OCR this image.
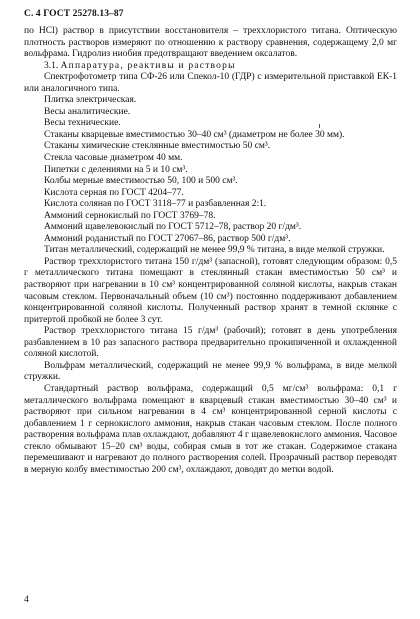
С. 4 ГОСТ 25278.13–87

по HCl) раствор в присутствии восстановителя – треххлористого титана. Оптическую плотность растворов измеряют по отношению к раствору сравнения, содержащему 2,0 мг вольфрама. Гидролиз ниобия предотвращают введением оксалатов.

3.1. Аппаратура, реактивы и растворы

Спектрофотометр типа СФ-26 или Спекол-10 (ГДР) с измерительной приставкой ЕК-1 или аналогичного типа.

Плитка электрическая.

Весы аналитические.

Весы технические.

Стаканы кварцевые вместимостью 30–40 см³ (диаметром не более 30 мм).

Стаканы химические стеклянные вместимостью 50 см³.

Стекла часовые диаметром 40 мм.

Пипетки с делениями на 5 и 10 см³.

Колбы мерные вместимостью 50, 100 и 500 см³.

Кислота серная по ГОСТ 4204–77.

Кислота соляная по ГОСТ 3118–77 и разбавленная 2:1.

Аммоний сернокислый по ГОСТ 3769–78.

Аммоний щавелевокислый по ГОСТ 5712–78, раствор 20 г/дм³.

Аммоний роданистый по ГОСТ 27067–86, раствор 500 г/дм³.

Титан металлический, содержащий не менее 99,9 % титана, в виде мелкой стружки.

Раствор треххлористого титана 150 г/дм³ (запасной), готовят следующим образом: 0,5 г металлического титана помещают в стеклянный стакан вместимостью 50 см³ и растворяют при нагревании в 10 см³ концентрированной соляной кислоты, накрыв стакан часовым стеклом. Первоначальный объем (10 см³) постоянно поддерживают добавлением концентрированной соляной кислоты. Полученный раствор хранят в темной склянке с притертой пробкой не более 3 сут.

Раствор треххлористого титана 15 г/дм³ (рабочий); готовят в день употребления разбавлением в 10 раз запасного раствора предварительно прокипяченной и охлажденной соляной кислотой.

Вольфрам металлический, содержащий не менее 99,9 % вольфрама, в виде мелкой стружки.

Стандартный раствор вольфрама, содержащий 0,5 мг/см³ вольфрама: 0,1 г металлического вольфрама помещают в кварцевый стакан вместимостью 30–40 см³ и растворяют при сильном нагревании в 4 см³ концентрированной серной кислоты с добавлением 1 г сернокислого аммония, накрыв стакан часовым стеклом. После полного растворения вольфрама плав охлаждают, добавляют 4 г щавелевокислого аммония. Часовое стекло обмывают 15–20 см³ воды, собирая смыв в тот же стакан. Содержимое стакана перемешивают и нагревают до полного растворения солей. Прозрачный раствор переводят в мерную колбу вместимостью 200 см³, охлаждают, доводят до метки водой.

4
